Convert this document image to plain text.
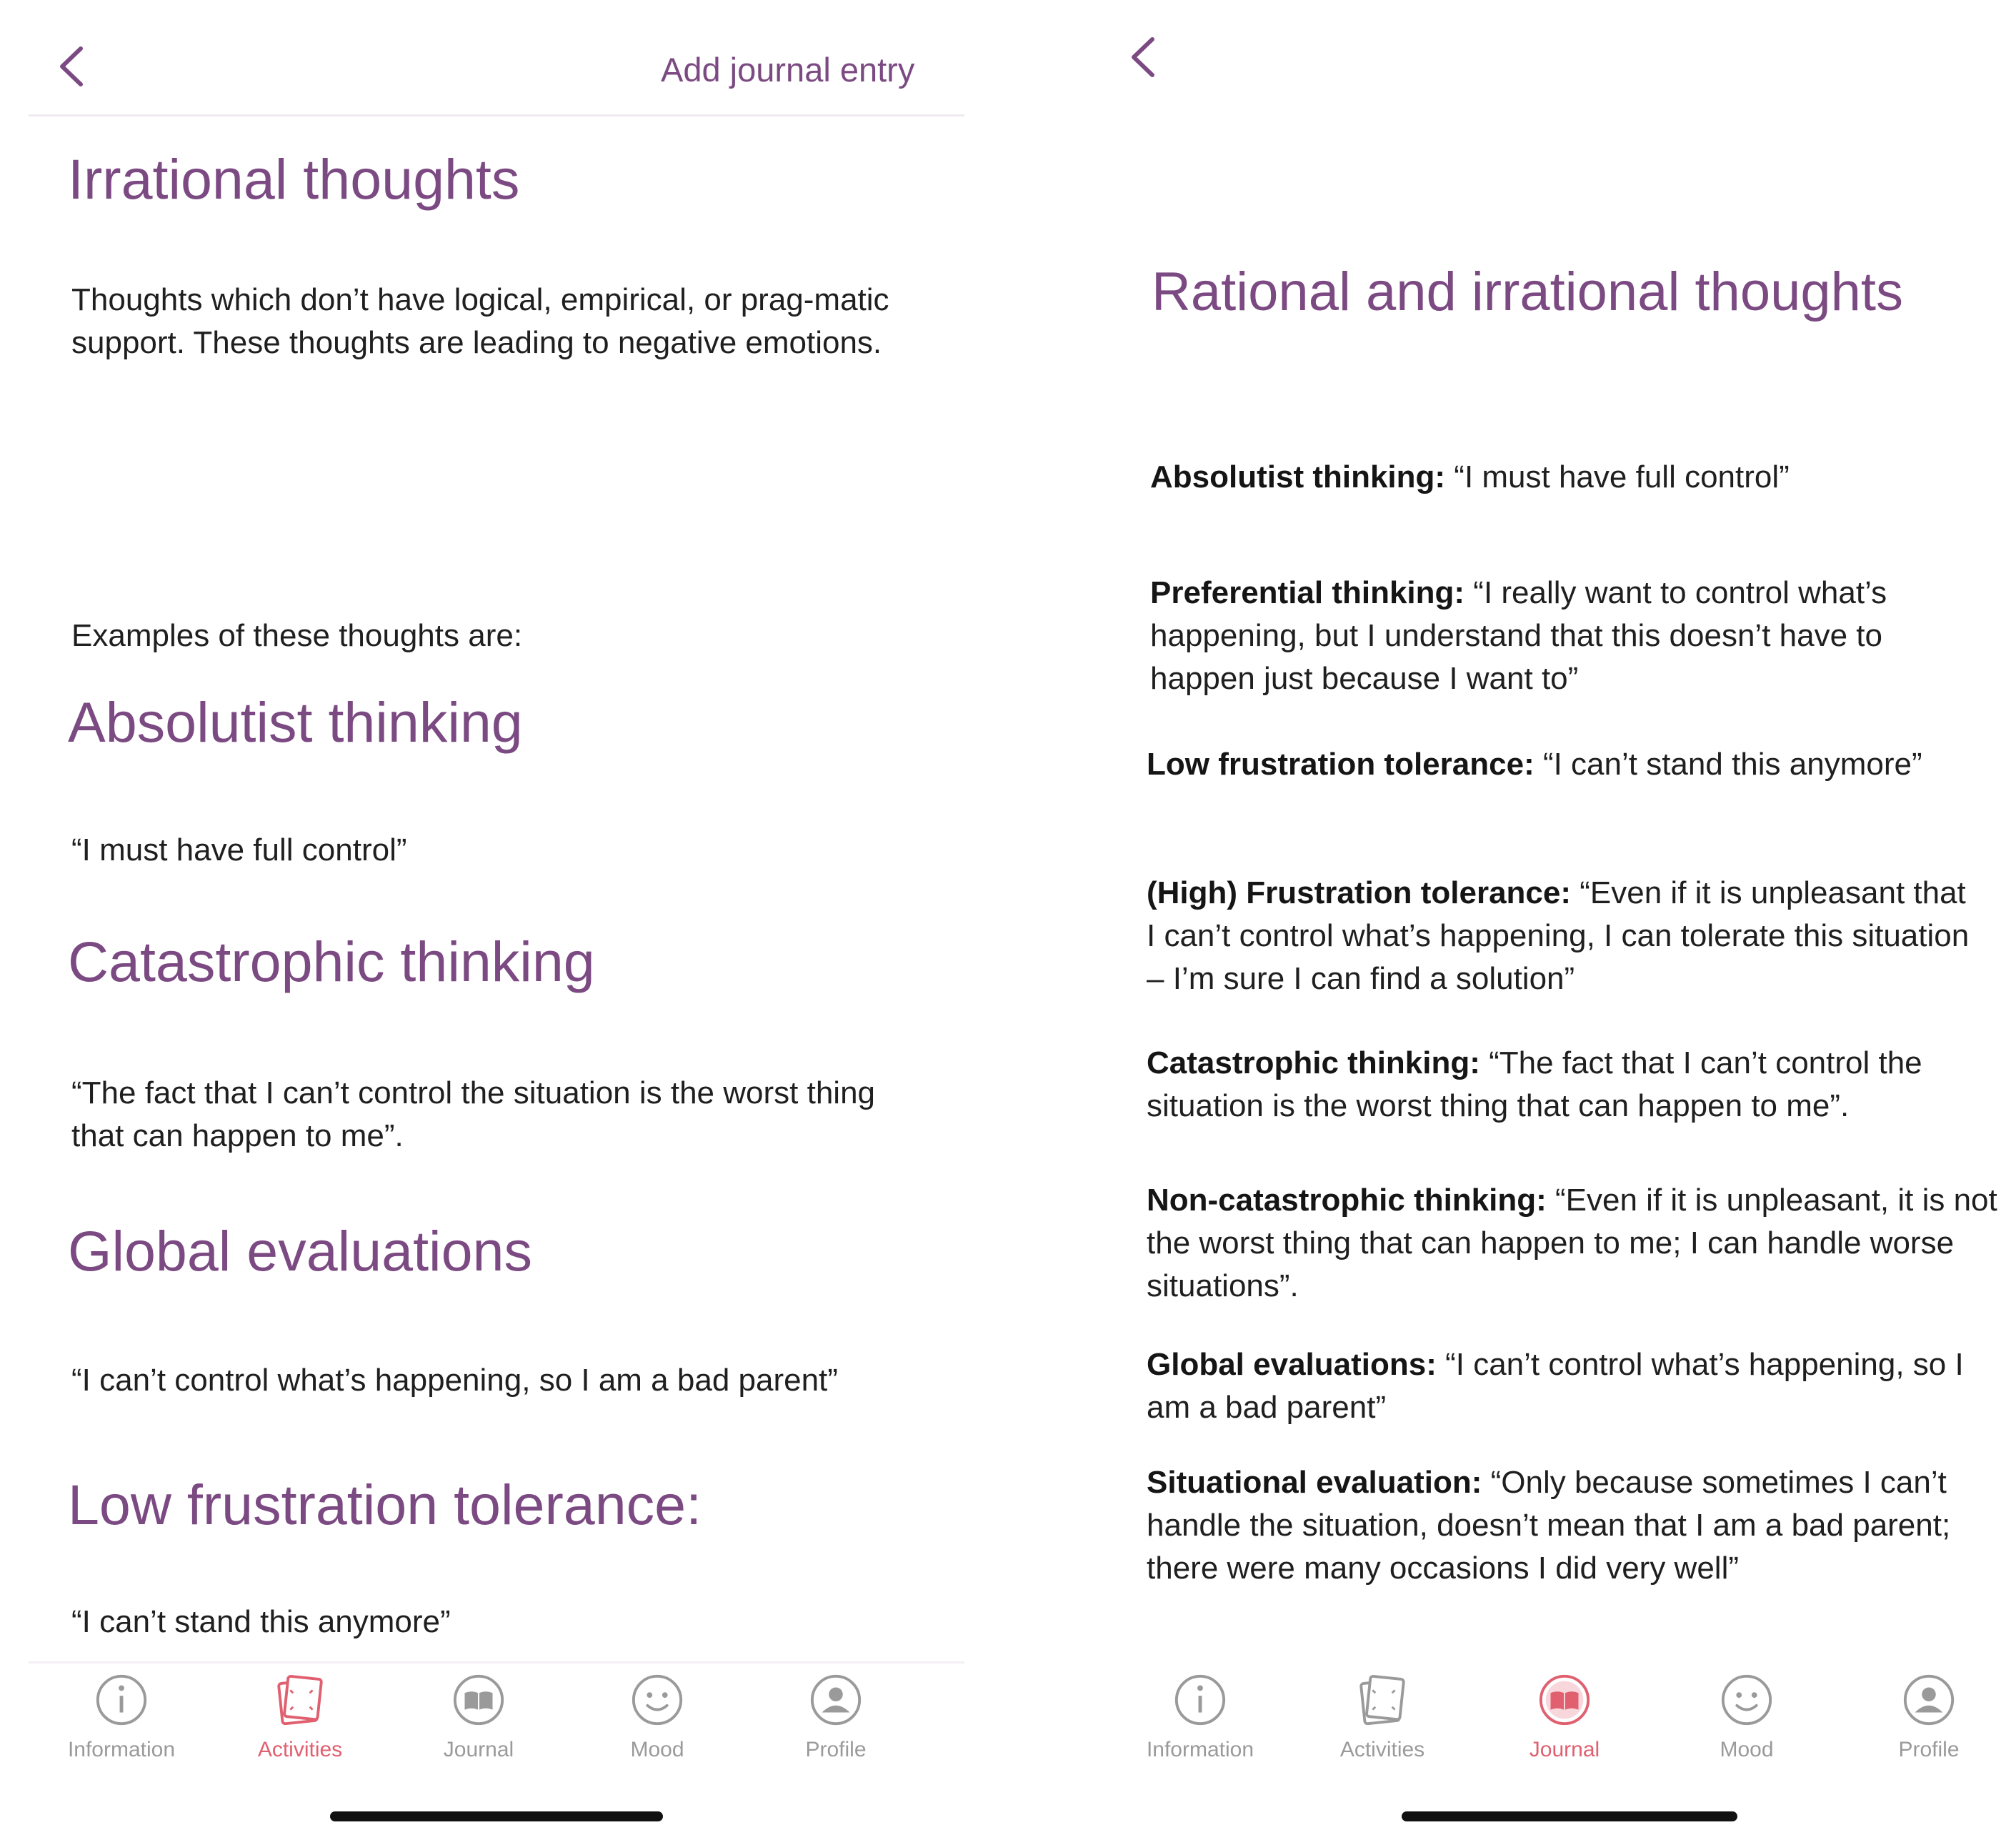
Add journal entry
Irrational thoughts
Thoughts which don’t have logical, empirical, or prag-matic support. These thoughts are leading to negative emotions.
Examples of these thoughts are:
Absolutist thinking
“I must have full control”
Catastrophic thinking
“The fact that I can’t control the situation is the worst thing that can happen to me”.
Global evaluations
“I can’t control what’s happening, so I am a bad parent”
Low frustration tolerance:
“I can’t stand this anymore”
Information	Activities	Journal	Mood	Profile
Rational and irrational thoughts
Absolutist thinking: “I must have full control”
Preferential thinking: “I really want to control what’s happening, but I understand that this doesn’t have to happen just because I want to”
Low frustration tolerance: “I can’t stand this anymore”
(High) Frustration tolerance: “Even if it is unpleasant that I can’t control what’s happening, I can tolerate this situation – I’m sure I can find a solution”
Catastrophic thinking: “The fact that I can’t control the situation is the worst thing that can happen to me”.
Non-catastrophic thinking: “Even if it is unpleasant, it is not the worst thing that can happen to me; I can handle worse situations”.
Global evaluations: “I can’t control what’s happening, so I am a bad parent”
Situational evaluation: “Only because sometimes I can’t handle the situation, doesn’t mean that I am a bad parent; there were many occasions I did very well”
Information	Activities	Journal	Mood	Profile
